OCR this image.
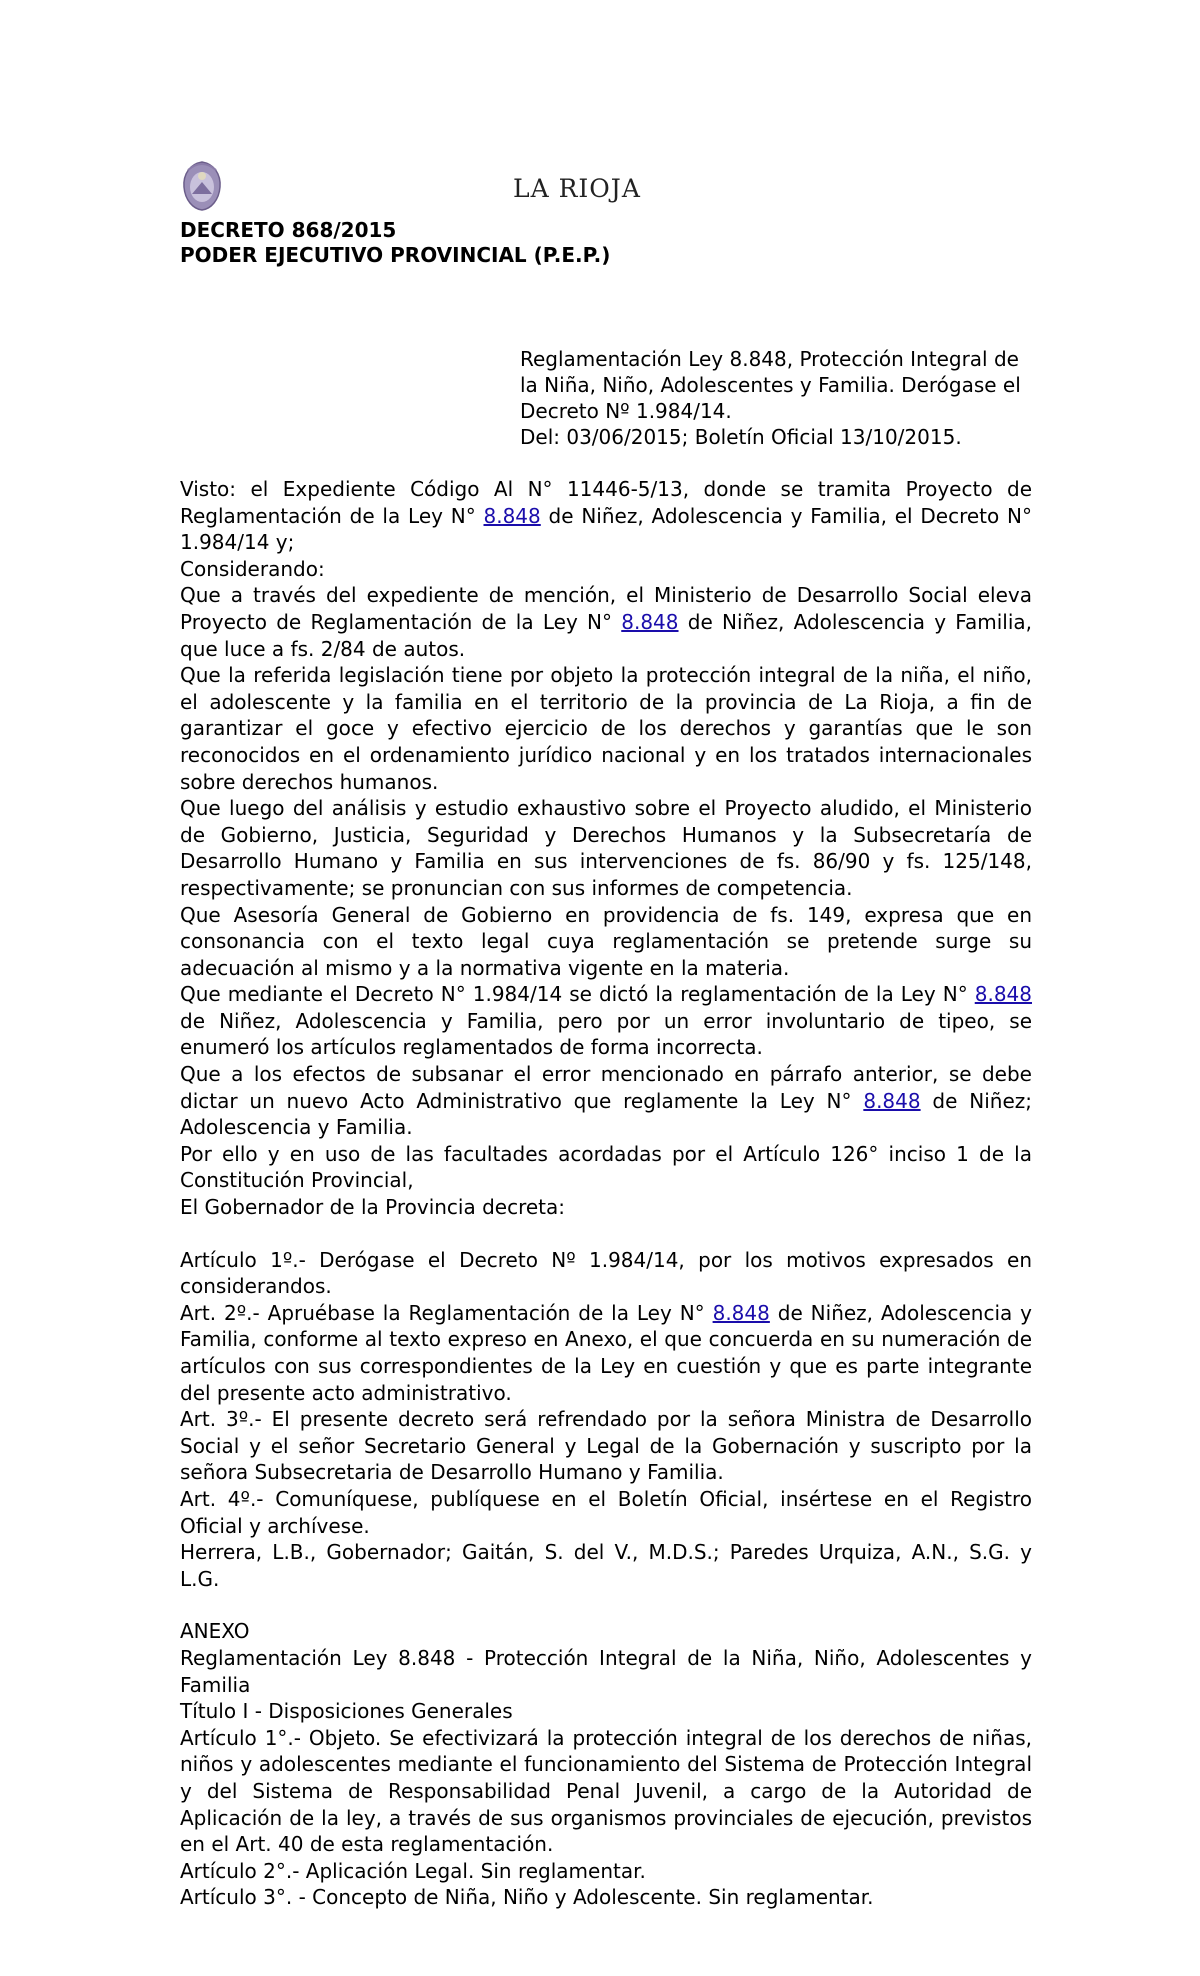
LA RIOJA

DECRETO 868/2015

PODER EJECUTIVO PROVINCIAL (P.E.P.)

Reglamentación Ley 8.848, Protección Integral de

la Niña, Niño, Adolescentes y Familia. Derógase el

Decreto Nº 1.984/14.

Del: 03/06/2015; Boletín Oficial 13/10/2015.

Visto: el Expediente Código Al N° 11446-5/13, donde se tramita Proyecto de Reglamentación de la Ley N° 8.848 de Niñez, Adolescencia y Familia, el Decreto N° 1.984/14 y;

Considerando:

Que a través del expediente de mención, el Ministerio de Desarrollo Social eleva Proyecto de Reglamentación de la Ley N° 8.848 de Niñez, Adolescencia y Familia, que luce a fs. 2/84 de autos.

Que la referida legislación tiene por objeto la protección integral de la niña, el niño, el adolescente y la familia en el territorio de la provincia de La Rioja, a fin de garantizar el goce y efectivo ejercicio de los derechos y garantías que le son reconocidos en el ordenamiento jurídico nacional y en los tratados internacionales sobre derechos humanos.

Que luego del análisis y estudio exhaustivo sobre el Proyecto aludido, el Ministerio de Gobierno, Justicia, Seguridad y Derechos Humanos y la Subsecretaría de Desarrollo Humano y Familia en sus intervenciones de fs. 86/90 y fs. 125/148, respectivamente; se pronuncian con sus informes de competencia.

Que Asesoría General de Gobierno en providencia de fs. 149, expresa que en consonancia con el texto legal cuya reglamentación se pretende surge su adecuación al mismo y a la normativa vigente en la materia.

Que mediante el Decreto N° 1.984/14 se dictó la reglamentación de la Ley N° 8.848 de Niñez, Adolescencia y Familia, pero por un error involuntario de tipeo, se enumeró los artículos reglamentados de forma incorrecta.

Que a los efectos de subsanar el error mencionado en párrafo anterior, se debe dictar un nuevo Acto Administrativo que reglamente la Ley N° 8.848 de Niñez; Adolescencia y Familia.

Por ello y en uso de las facultades acordadas por el Artículo 126° inciso 1 de la Constitución Provincial,

El Gobernador de la Provincia decreta:

Artículo 1º.- Derógase el Decreto Nº 1.984/14, por los motivos expresados en considerandos.

Art. 2º.- Apruébase la Reglamentación de la Ley N° 8.848 de Niñez, Adolescencia y Familia, conforme al texto expreso en Anexo, el que concuerda en su numeración de artículos con sus correspondientes de la Ley en cuestión y que es parte integrante del presente acto administrativo.

Art. 3º.- El presente decreto será refrendado por la señora Ministra de Desarrollo Social y el señor Secretario General y Legal de la Gobernación y suscripto por la señora Subsecretaria de Desarrollo Humano y Familia.

Art. 4º.- Comuníquese, publíquese en el Boletín Oficial, insértese en el Registro Oficial y archívese.

Herrera, L.B., Gobernador; Gaitán, S. del V., M.D.S.; Paredes Urquiza, A.N., S.G. y L.G.

ANEXO

Reglamentación Ley 8.848 - Protección Integral de la Niña, Niño, Adolescentes y Familia

Título I - Disposiciones Generales

Artículo 1°.- Objeto. Se efectivizará la protección integral de los derechos de niñas, niños y adolescentes mediante el funcionamiento del Sistema de Protección Integral y del Sistema de Responsabilidad Penal Juvenil, a cargo de la Autoridad de Aplicación de la ley, a través de sus organismos provinciales de ejecución, previstos en el Art. 40 de esta reglamentación.

Artículo 2°.- Aplicación Legal. Sin reglamentar.

Artículo 3°. - Concepto de Niña, Niño y Adolescente. Sin reglamentar.
